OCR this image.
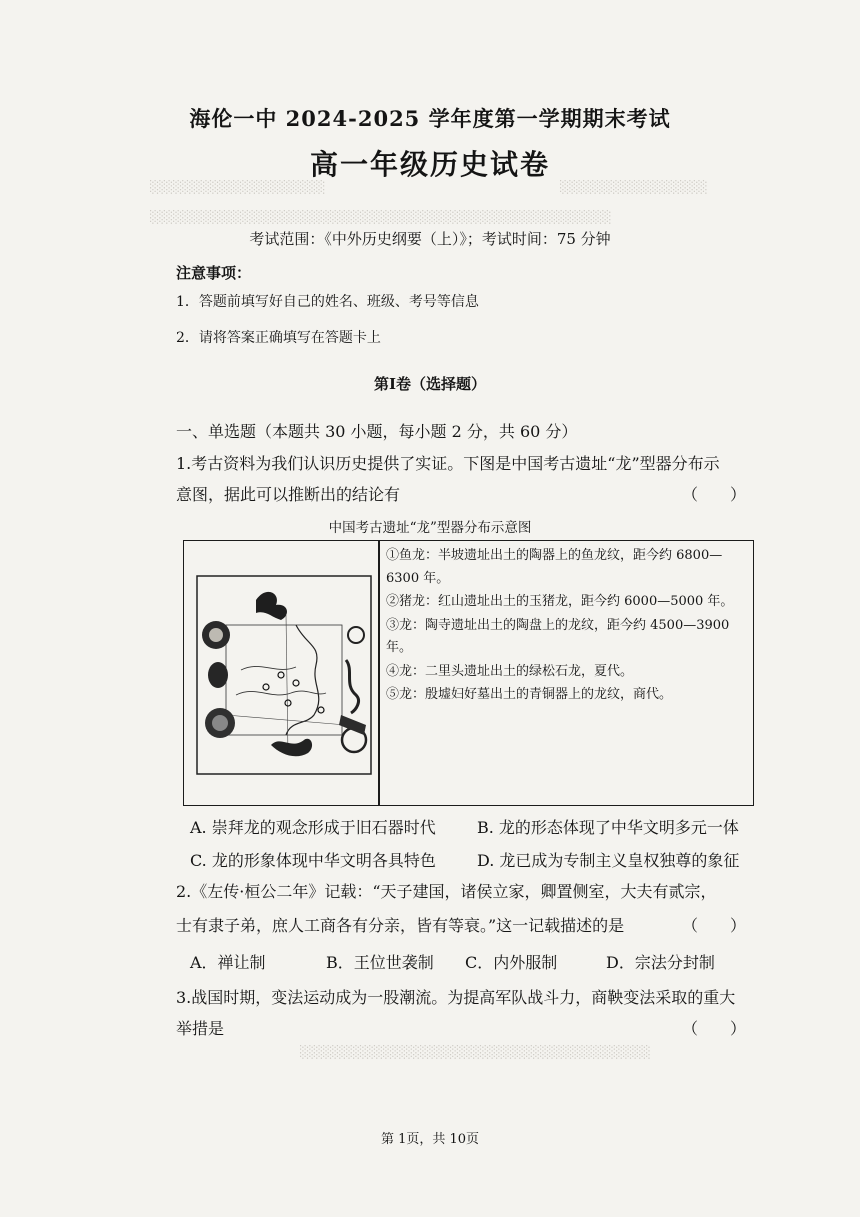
░░░░░░░░░░░░░░░░░░░	░░░░░░░░░░░░░░░░
░░░░░░░░░░░░░░░░░░░░░░░░░░░░░░░░░░░░░░░░░░░░░░░░░░
海伦一中 2024-2025 学年度第一学期期末考试
高一年级历史试卷
考试范围：《中外历史纲要（上）》；考试时间：75 分钟
注意事项：
1．答题前填写好自己的姓名、班级、考号等信息
2．请将答案正确填写在答题卡上
第Ⅰ卷（选择题）
一、单选题（本题共 30 小题，每小题 2 分，共 60 分）
1.考古资料为我们认识历史提供了实证。下图是中国考古遗址“龙”型器分布示
意图，据此可以推断出的结论有	（　　）
中国考古遗址“龙”型器分布示意图

①鱼龙：半坡遗址出土的陶器上的鱼龙纹，距今约 6800—6300 年。

②猪龙：红山遗址出土的玉猪龙，距今约 6000—5000 年。

③龙：陶寺遗址出土的陶盘上的龙纹，距今约 4500—3900 年。

④龙：二里头遗址出土的绿松石龙，夏代。

⑤龙：殷墟妇好墓出土的青铜器上的龙纹，商代。

A. 崇拜龙的观念形成于旧石器时代	B. 龙的形态体现了中华文明多元一体
C. 龙的形象体现中华文明各具特色	D. 龙已成为专制主义皇权独尊的象征
2.《左传·桓公二年》记载：“天子建国，诸侯立家，卿置侧室，大夫有贰宗，
士有隶子弟，庶人工商各有分亲，皆有等衰。”这一记载描述的是	（　　）
A．禅让制	B．王位世袭制 C．内外服制	D．宗法分封制
3.战国时期，变法运动成为一股潮流。为提高军队战斗力，商鞅变法采取的重大
举措是	（　　）
░░░░░░░░░░░░░░░░░░░░░░░░░░░░░░░░░░░░░░
第 1页，共 10页
